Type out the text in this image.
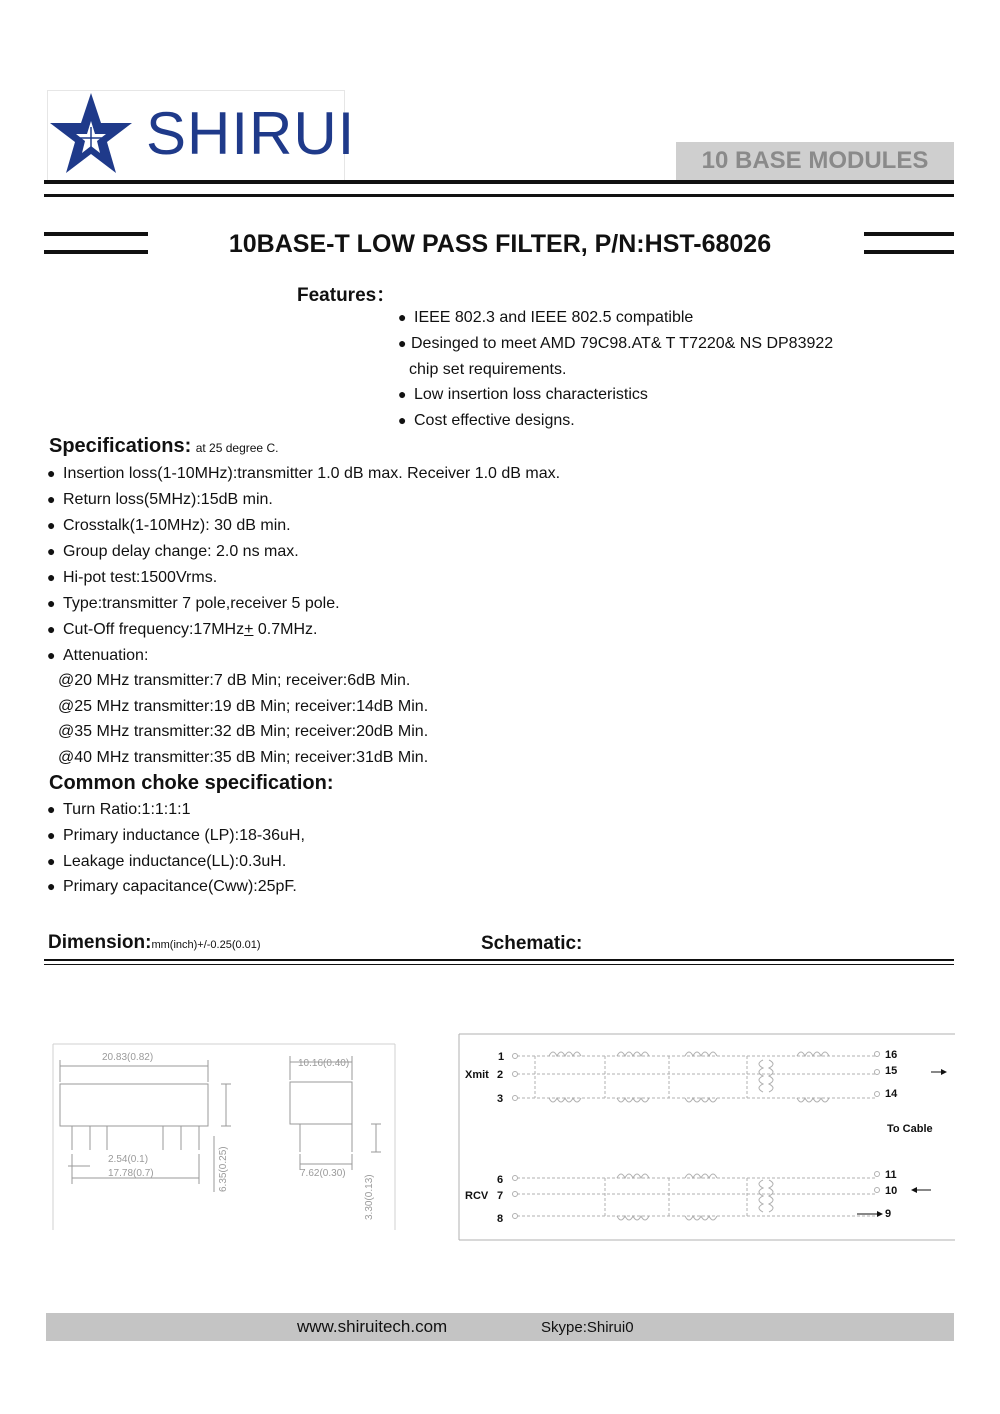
SHIRUI	10 BASE MODULES
10BASE-T LOW PASS FILTER, P/N:HST-68026
Features：
● IEEE 802.3 and IEEE 802.5 compatible
● Desinged to meet AMD 79C98.AT& T T7220& NS DP83922
chip set requirements.
● Low insertion loss characteristics
● Cost effective designs.
Specifications: at 25 degree C.
● Insertion loss(1-10MHz):transmitter 1.0 dB max. Receiver 1.0 dB max.
● Return loss(5MHz):15dB min.
● Crosstalk(1-10MHz): 30 dB min.
● Group delay change: 2.0 ns max.
● Hi-pot test:1500Vrms.
● Type:transmitter 7 pole,receiver 5 pole.
● Cut-Off frequency:17MHz+ 0.7MHz.
● Attenuation:
@20 MHz transmitter:7 dB Min; receiver:6dB Min.
@25 MHz transmitter:19 dB Min; receiver:14dB Min.
@35 MHz transmitter:32 dB Min; receiver:20dB Min.
@40 MHz transmitter:35 dB Min; receiver:31dB Min.
Common choke specification:
● Turn Ratio:1:1:1:1
● Primary inductance (LP):18-36uH,
● Leakage inductance(LL):0.3uH.
● Primary capacitance(Cww):25pF.
Dimension:mm(inch)+/-0.25(0.01)	Schematic:
20.83(0.82)
10.16(0.40)
2.54(0.1)
17.78(0.7)	6.35(0.25)	7.62(0.30)
3.30(0.13)
Xmit
1
2
3
16
15
14
To Cable
RCV
6
7
8
11
10
9
www.shiruitech.com	Skype:Shirui0
